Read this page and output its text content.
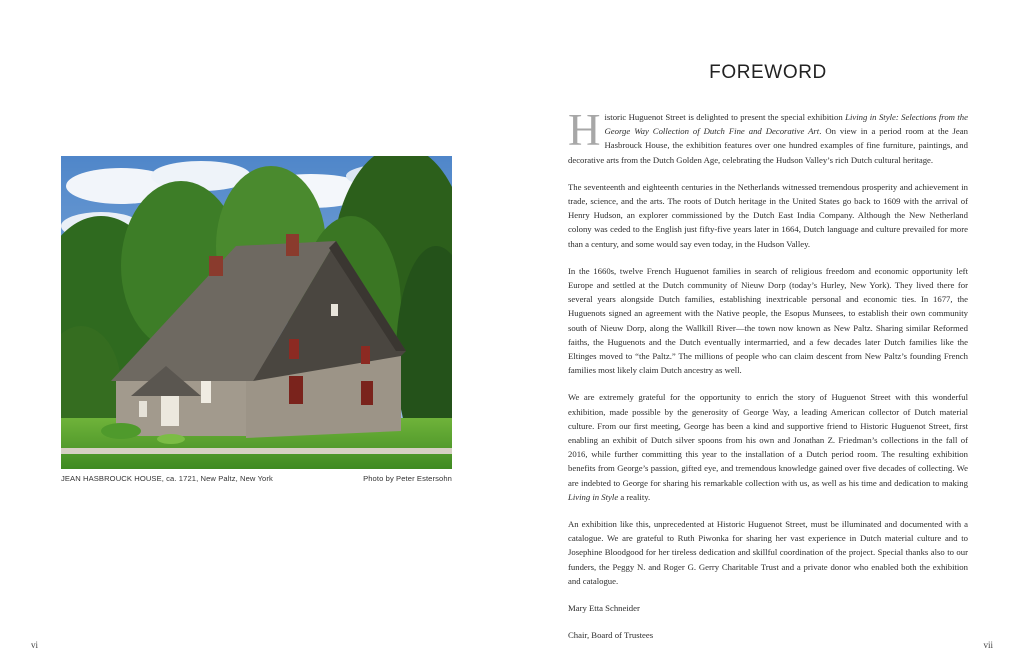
JEAN HASBROUCK HOUSE, ca. 1721, New Paltz, New York	Photo by Peter Estersohn
vi
FOREWORD

Historic Huguenot Street is delighted to present the special exhibition Living in Style: Selections from the George Way Collection of Dutch Fine and Decorative Art. On view in a period room at the Jean Hasbrouck House, the exhibition features over one hundred examples of fine furniture, paintings, and decorative arts from the Dutch Golden Age, celebrating the Hudson Valley’s rich Dutch cultural heritage.

The seventeenth and eighteenth centuries in the Netherlands witnessed tremendous prosperity and achievement in trade, science, and the arts. The roots of Dutch heritage in the United States go back to 1609 with the arrival of Henry Hudson, an explorer commissioned by the Dutch East India Company. Although the New Netherland colony was ceded to the English just fifty-five years later in 1664, Dutch language and culture prevailed for more than a century, and some would say even today, in the Hudson Valley.

In the 1660s, twelve French Huguenot families in search of religious freedom and economic opportunity left Europe and settled at the Dutch community of Nieuw Dorp (today’s Hurley, New York). They lived there for several years alongside Dutch families, establishing inextricable personal and economic ties. In 1677, the Huguenots signed an agreement with the Native people, the Esopus Munsees, to establish their own community south of Nieuw Dorp, along the Wallkill River—the town now known as New Paltz. Sharing similar Reformed faiths, the Huguenots and the Dutch eventually intermarried, and a few decades later Dutch families like the Eltinges moved to “the Paltz.” The millions of people who can claim descent from New Paltz’s founding French families most likely claim Dutch ancestry as well.

We are extremely grateful for the opportunity to enrich the story of Huguenot Street with this wonderful exhibition, made possible by the generosity of George Way, a leading American collector of Dutch material culture. From our first meeting, George has been a kind and supportive friend to Historic Huguenot Street, first enabling an exhibit of Dutch silver spoons from his own and Jonathan Z. Friedman’s collections in the fall of 2016, while further committing this year to the installation of a Dutch period room. The resulting exhibition benefits from George’s passion, gifted eye, and tremendous knowledge gained over five decades of collecting. We are indebted to George for sharing his remarkable collection with us, as well as his time and dedication to making Living in Style a reality.

An exhibition like this, unprecedented at Historic Huguenot Street, must be illuminated and documented with a catalogue. We are grateful to Ruth Piwonka for sharing her vast experience in Dutch material culture and to Josephine Bloodgood for her tireless dedication and skillful coordination of the project. Special thanks also to our funders, the Peggy N. and Roger G. Gerry Charitable Trust and a private donor who enabled both the exhibition and catalogue.

Mary Etta Schneider

Chair, Board of Trustees

vii
